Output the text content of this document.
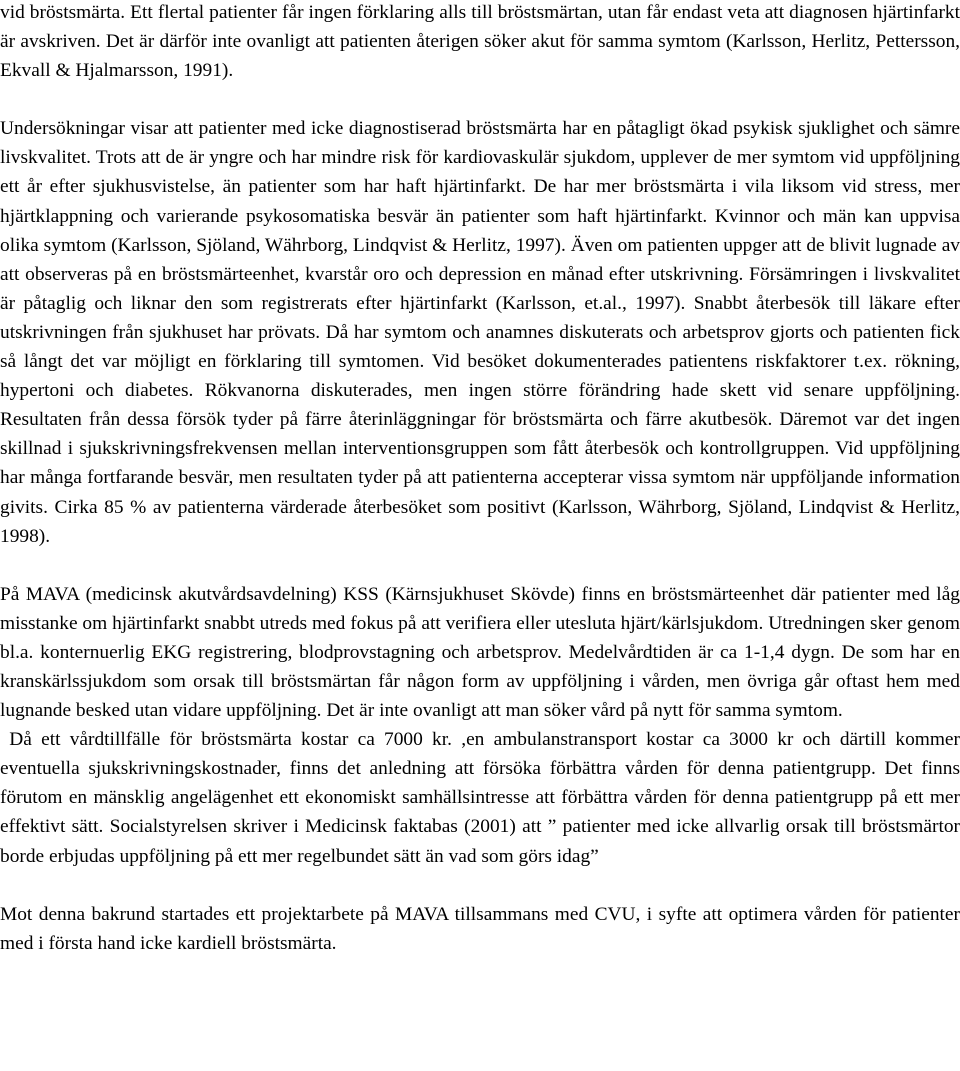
vid bröstsmärta. Ett flertal patienter får ingen förklaring alls till bröstsmärtan, utan får endast veta att diagnosen hjärtinfarkt är avskriven. Det är därför inte ovanligt att patienten återigen söker akut för samma symtom (Karlsson, Herlitz, Pettersson, Ekvall & Hjalmarsson, 1991).

Undersökningar visar att patienter med icke diagnostiserad bröstsmärta har en påtagligt ökad psykisk sjuklighet och sämre livskvalitet. Trots att de är yngre och har mindre risk för kardiovaskulär sjukdom, upplever de mer symtom vid uppföljning ett år efter sjukhusvistelse, än patienter som har haft hjärtinfarkt. De har mer bröstsmärta i vila liksom vid stress, mer hjärtklappning och varierande psykosomatiska besvär än patienter som haft hjärtinfarkt. Kvinnor och män kan uppvisa olika symtom (Karlsson, Sjöland, Währborg, Lindqvist & Herlitz, 1997). Även om patienten uppger att de blivit lugnade av att observeras på en bröstsmärteenhet, kvarstår oro och depression en månad efter utskrivning. Försämringen i livskvalitet är påtaglig och liknar den som registrerats efter hjärtinfarkt (Karlsson, et.al., 1997). Snabbt återbesök till läkare efter utskrivningen från sjukhuset har prövats. Då har symtom och anamnes diskuterats och arbetsprov gjorts och patienten fick så långt det var möjligt en förklaring till symtomen. Vid besöket dokumenterades patientens riskfaktorer t.ex. rökning, hypertoni och diabetes. Rökvanorna diskuterades, men ingen större förändring hade skett vid senare uppföljning. Resultaten från dessa försök tyder på färre återinläggningar för bröstsmärta och färre akutbesök. Däremot var det ingen skillnad i sjukskrivningsfrekvensen mellan interventionsgruppen som fått återbesök och kontrollgruppen. Vid uppföljning har många fortfarande besvär, men resultaten tyder på att patienterna accepterar vissa symtom när uppföljande information givits. Cirka 85 % av patienterna värderade återbesöket som positivt (Karlsson, Währborg, Sjöland, Lindqvist & Herlitz, 1998).

På MAVA (medicinsk akutvårdsavdelning) KSS (Kärnsjukhuset Skövde) finns en bröstsmärteenhet där patienter med låg misstanke om hjärtinfarkt snabbt utreds med fokus på att verifiera eller utesluta hjärt/kärlsjukdom. Utredningen sker genom bl.a. konternuerlig EKG registrering, blodprovstagning och arbetsprov. Medelvårdtiden är ca 1-1,4 dygn. De som har en kranskärlssjukdom som orsak till bröstsmärtan får någon form av uppföljning i vården, men övriga går oftast hem med lugnande besked utan vidare uppföljning. Det är inte ovanligt att man söker vård på nytt för samma symtom.

Då ett vårdtillfälle för bröstsmärta kostar ca 7000 kr. ,en ambulanstransport kostar ca 3000 kr och därtill kommer eventuella sjukskrivningskostnader, finns det anledning att försöka förbättra vården för denna patientgrupp. Det finns förutom en mänsklig angelägenhet ett ekonomiskt samhällsintresse att förbättra vården för denna patientgrupp på ett mer effektivt sätt. Socialstyrelsen skriver i Medicinsk faktabas (2001) att ” patienter med icke allvarlig orsak till bröstsmärtor borde erbjudas uppföljning på ett mer regelbundet sätt än vad som görs idag”

Mot denna bakrund startades ett projektarbete på MAVA tillsammans med CVU, i syfte att optimera vården för patienter med i första hand icke kardiell bröstsmärta.
